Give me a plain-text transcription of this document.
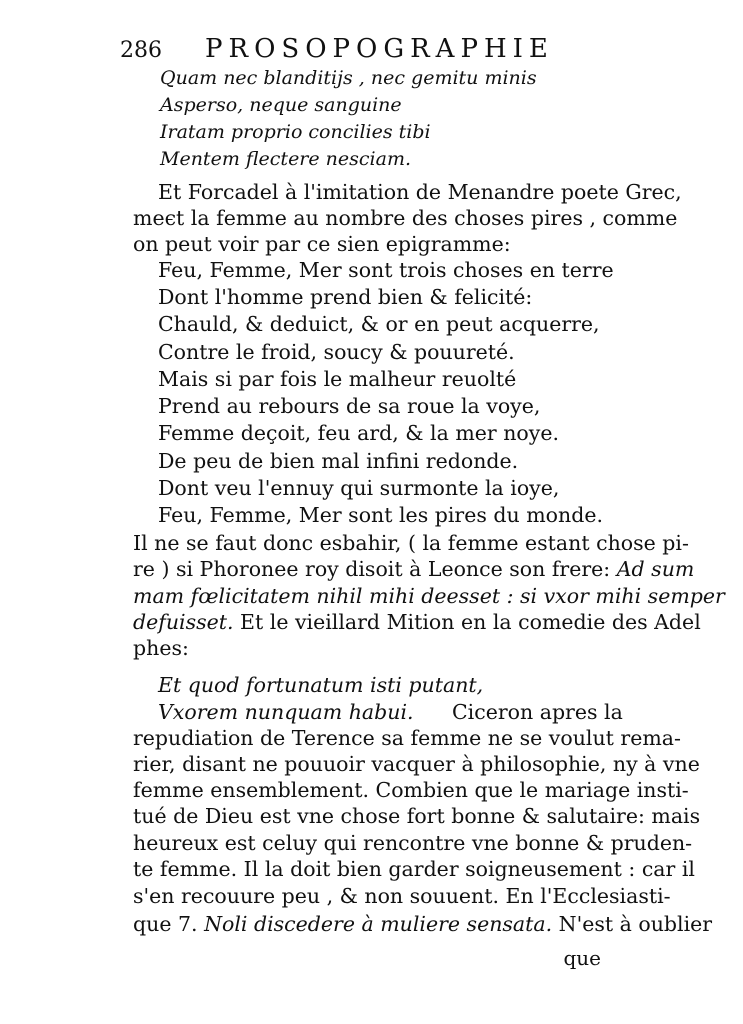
286 PROSOPOGRAPHIE
Quam nec blanditijs , nec gemitu minis
Asperso, neque sanguine
Iratam proprio concilies tibi
Mentem flectere nesciam.
Et Forcadel à l'imitation de Menandre poete Grec,
meєt la femme au nombre des choses pires , comme
on peut voir par ce sien epigramme:
Feu, Femme, Mer sont trois choses en terre
Dont l'homme prend bien & felicité:
Chauld, & deduict, & or en peut acquerre,
Contre le froid, soucy & pouureté.
Mais si par fois le malheur reuolté
Prend au rebours de sa roue la voye,
Femme deçoit, feu ard, & la mer noye.
De peu de bien mal infini redonde.
Dont veu l'ennuy qui surmonte la ioye,
Feu, Femme, Mer sont les pires du monde.
Il ne se faut donc esbahir, ( la femme estant chose pi-
re ) si Phoronee roy disoit à Leonce son frere: Ad sum
mam fœlicitatem nihil mihi deesset : si vxor mihi semper
defuisset. Et le vieillard Mition en la comedie des Adel
phes:
Et quod fortunatum isti putant,
Vxorem nunquam habui. Ciceron apres la
repudiation de Terence sa femme ne se voulut rema-
rier, disant ne pouuoir vacquer à philosophie, ny à vne
femme ensemblement. Combien que le mariage insti-
tué de Dieu est vne chose fort bonne & salutaire: mais
heureux est celuy qui rencontre vne bonne & pruden-
te femme. Il la doit bien garder soigneusement : car il
s'en recouure peu , & non souuent. En l'Ecclesiasti-
que 7. Noli discedere à muliere sensata. N'est à oublier
que
